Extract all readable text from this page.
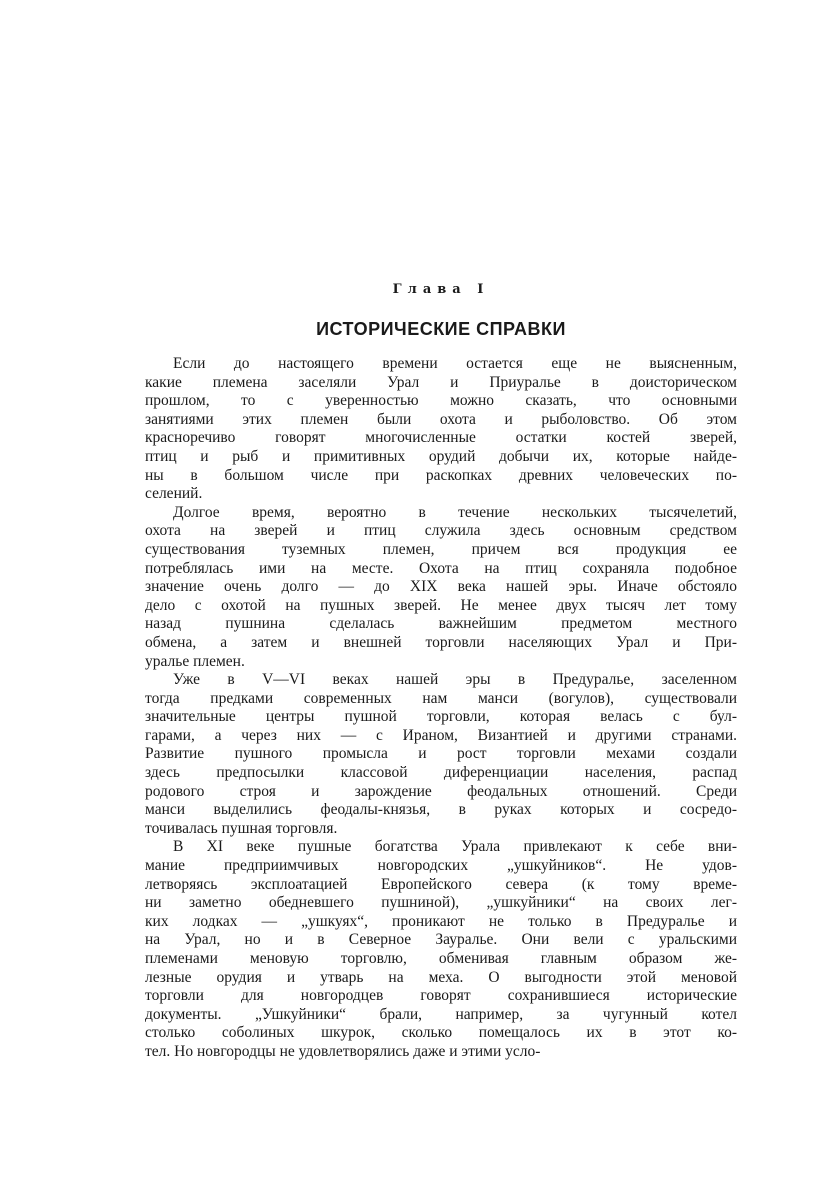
Глава I
ИСТОРИЧЕСКИЕ СПРАВКИ
Если до настоящего времени остается еще не выясненным,
какие племена заселяли Урал и Приуралье в доисторическом
прошлом, то с уверенностью можно сказать, что основными
занятиями этих племен были охота и рыболовство. Об этом
красноречиво говорят многочисленные остатки костей зверей,
птиц и рыб и примитивных орудий добычи их, которые найде-
ны в большом числе при раскопках древних человеческих по-
селений.
Долгое время, вероятно в течение нескольких тысячелетий,
охота на зверей и птиц служила здесь основным средством
существования туземных племен, причем вся продукция ее
потреблялась ими на месте. Охота на птиц сохраняла подобное
значение очень долго — до XIX века нашей эры. Иначе обстояло
дело с охотой на пушных зверей. Не менее двух тысяч лет тому
назад пушнина сделалась важнейшим предметом местного
обмена, а затем и внешней торговли населяющих Урал и При-
уралье племен.
Уже в V—VI веках нашей эры в Предуралье, заселенном
тогда предками современных нам манси (вогулов), существовали
значительные центры пушной торговли, которая велась с бул-
гарами, а через них — с Ираном, Византией и другими странами.
Развитие пушного промысла и рост торговли мехами создали
здесь предпосылки классовой диференциации населения, распад
родового строя и зарождение феодальных отношений. Среди
манси выделились феодалы-князья, в руках которых и сосредо-
точивалась пушная торговля.
В XI веке пушные богатства Урала привлекают к себе вни-
мание предприимчивых новгородских „ушкуйников“. Не удов-
летворяясь эксплоатацией Европейского севера (к тому време-
ни заметно обедневшего пушниной), „ушкуйники“ на своих лег-
ких лодках — „ушкуях“, проникают не только в Предуралье и
на Урал, но и в Северное Зауралье. Они вели с уральскими
племенами меновую торговлю, обменивая главным образом же-
лезные орудия и утварь на меха. О выгодности этой меновой
торговли для новгородцев говорят сохранившиеся исторические
документы. „Ушкуйники“ брали, например, за чугунный котел
столько соболиных шкурок, сколько помещалось их в этот ко-
тел. Но новгородцы не удовлетворялись даже и этими усло-
